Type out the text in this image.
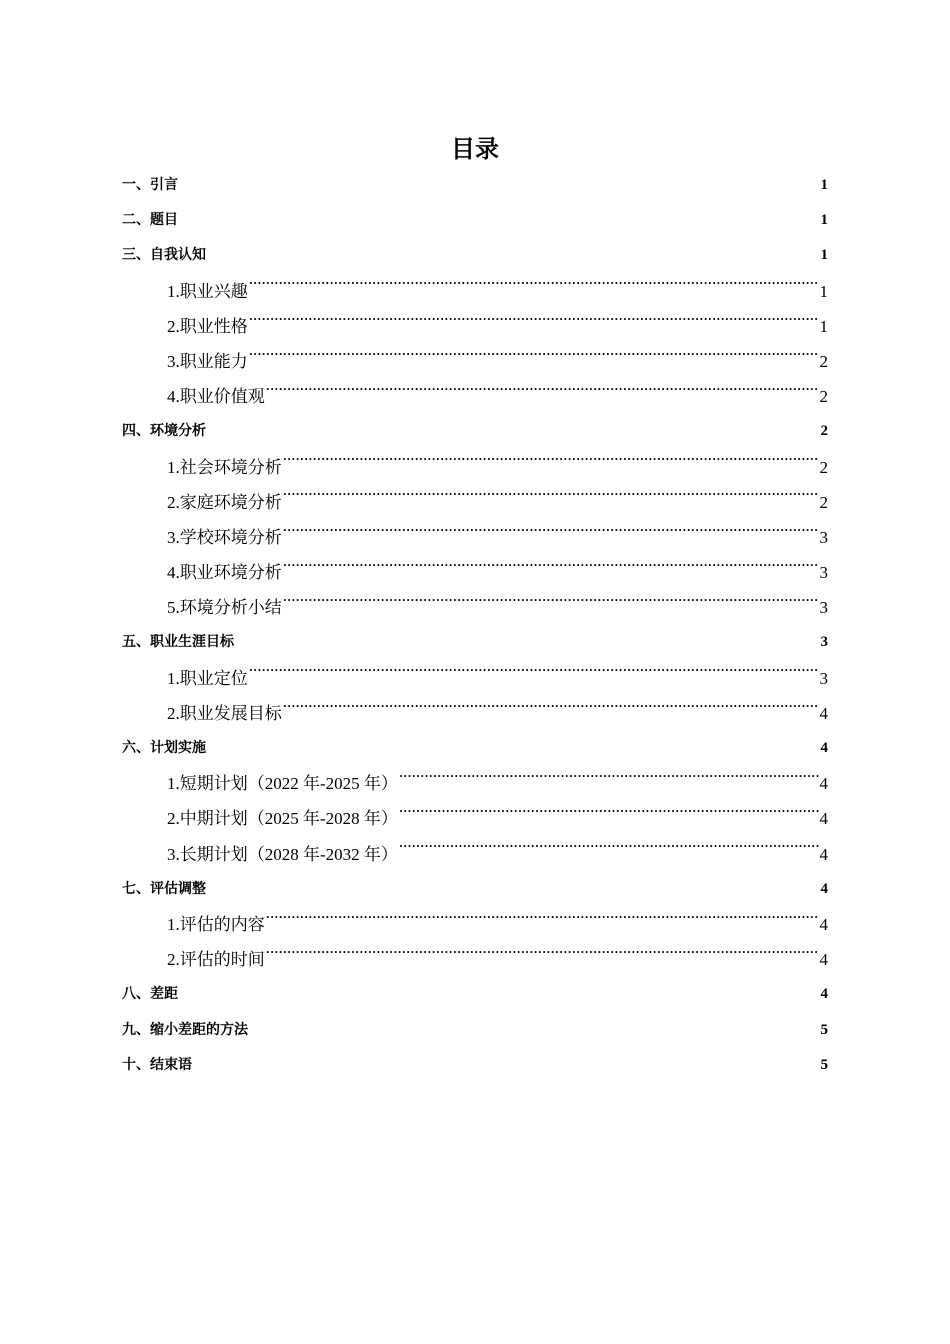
目录
一、引言 .....	1
二、题目 .....	1
三、自我认知 .....	1
1.职业兴趣 .....	1
2.职业性格 .....	1
3.职业能力 .....	2
4.职业价值观 .....	2
四、环境分析 .....	2
1.社会环境分析 .....	2
2.家庭环境分析 .....	2
3.学校环境分析 .....	3
4.职业环境分析 .....	3
5.环境分析小结 .....	3
五、职业生涯目标 .....	3
1.职业定位 .....	3
2.职业发展目标 .....	4
六、计划实施 .....	4
1.短期计划（2022 年-2025 年） .....	4
2.中期计划（2025 年-2028 年） .....	4
3.长期计划（2028 年-2032 年） .....	4
七、评估调整 .....	4
1.评估的内容 .....	4
2.评估的时间 .....	4
八、差距 .....	4
九、缩小差距的方法 .....	5
十、结束语 .....	5
